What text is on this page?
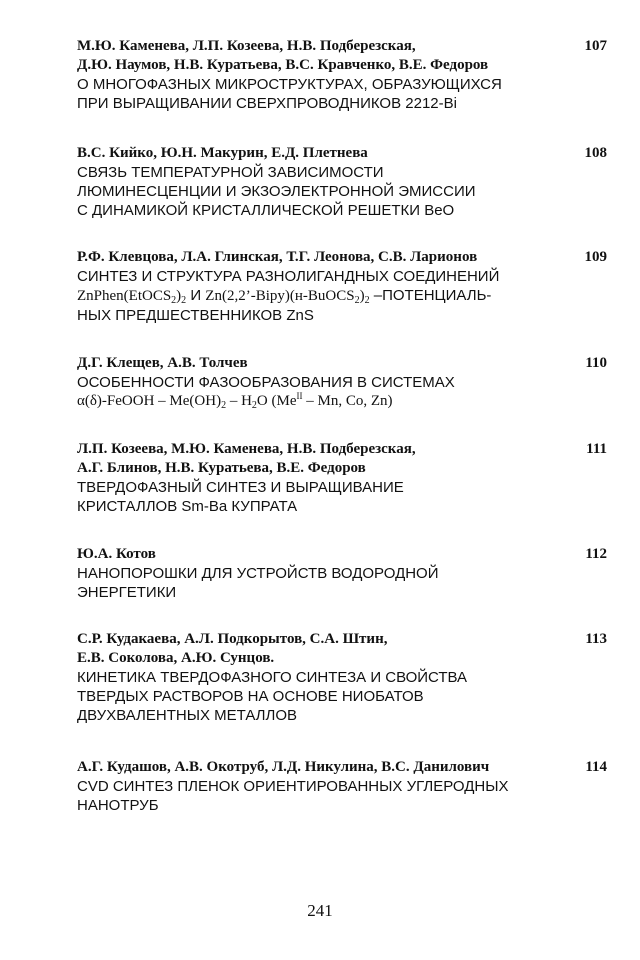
М.Ю. Каменева, Л.П. Козеева, Н.В. Подберезская,
Д.Ю. Наумов, Н.В. Куратьева, В.С. Кравченко, В.Е. Федоров
107
О МНОГОФАЗНЫХ МИКРОСТРУКТУРАХ, ОБРАЗУЮЩИХСЯ
ПРИ ВЫРАЩИВАНИИ СВЕРХПРОВОДНИКОВ 2212-Bi
В.С. Кийко, Ю.Н. Макурин, Е.Д. Плетнева	108
СВЯЗЬ ТЕМПЕРАТУРНОЙ ЗАВИСИМОСТИ
ЛЮМИНЕСЦЕНЦИИ И ЭКЗОЭЛЕКТРОННОЙ ЭМИССИИ
С ДИНАМИКОЙ КРИСТАЛЛИЧЕСКОЙ РЕШЕТКИ BeO
Р.Ф. Клевцова, Л.А. Глинская, Т.Г. Леонова, С.В. Ларионов	109
СИНТЕЗ И СТРУКТУРА РАЗНОЛИГАНДНЫХ СОЕДИНЕНИЙ
$ZnPhen(EtOCS_2)_2$ И $Zn(2,2’-Bipy)(н-BuOCS_2)_2$ –ПОТЕНЦИАЛЬ-
НЫХ ПРЕДШЕСТВЕННИКОВ ZnS
Д.Г. Клещев, А.В. Толчев	110
ОСОБЕННОСТИ ФАЗООБРАЗОВАНИЯ В СИСТЕМАХ
α(δ)-FeOOH – $Me(OH)_2 - H_2O$ ($Me^{II}$ – Mn, Co, Zn)
Л.П. Козеева, М.Ю. Каменева, Н.В. Подберезская,
А.Г. Блинов, Н.В. Куратьева, В.Е. Федоров
111
ТВЕРДОФАЗНЫЙ СИНТЕЗ И ВЫРАЩИВАНИЕ
КРИСТАЛЛОВ Sm-Ba КУПРАТА
Ю.А. Котов	112
НАНОПОРОШКИ ДЛЯ УСТРОЙСТВ ВОДОРОДНОЙ
ЭНЕРГЕТИКИ
С.Р. Кудакаева, А.Л. Подкорытов, С.А. Штин,
Е.В. Соколова, А.Ю. Сунцов.
113
КИНЕТИКА ТВЕРДОФАЗНОГО СИНТЕЗА И СВОЙСТВА
ТВЕРДЫХ РАСТВОРОВ НА ОСНОВЕ НИОБАТОВ
ДВУХВАЛЕНТНЫХ МЕТАЛЛОВ
А.Г. Кудашов, А.В. Окотруб, Л.Д. Никулина, В.С. Данилович	114
CVD СИНТЕЗ ПЛЕНОК ОРИЕНТИРОВАННЫХ УГЛЕРОДНЫХ
НАНОТРУБ
241
